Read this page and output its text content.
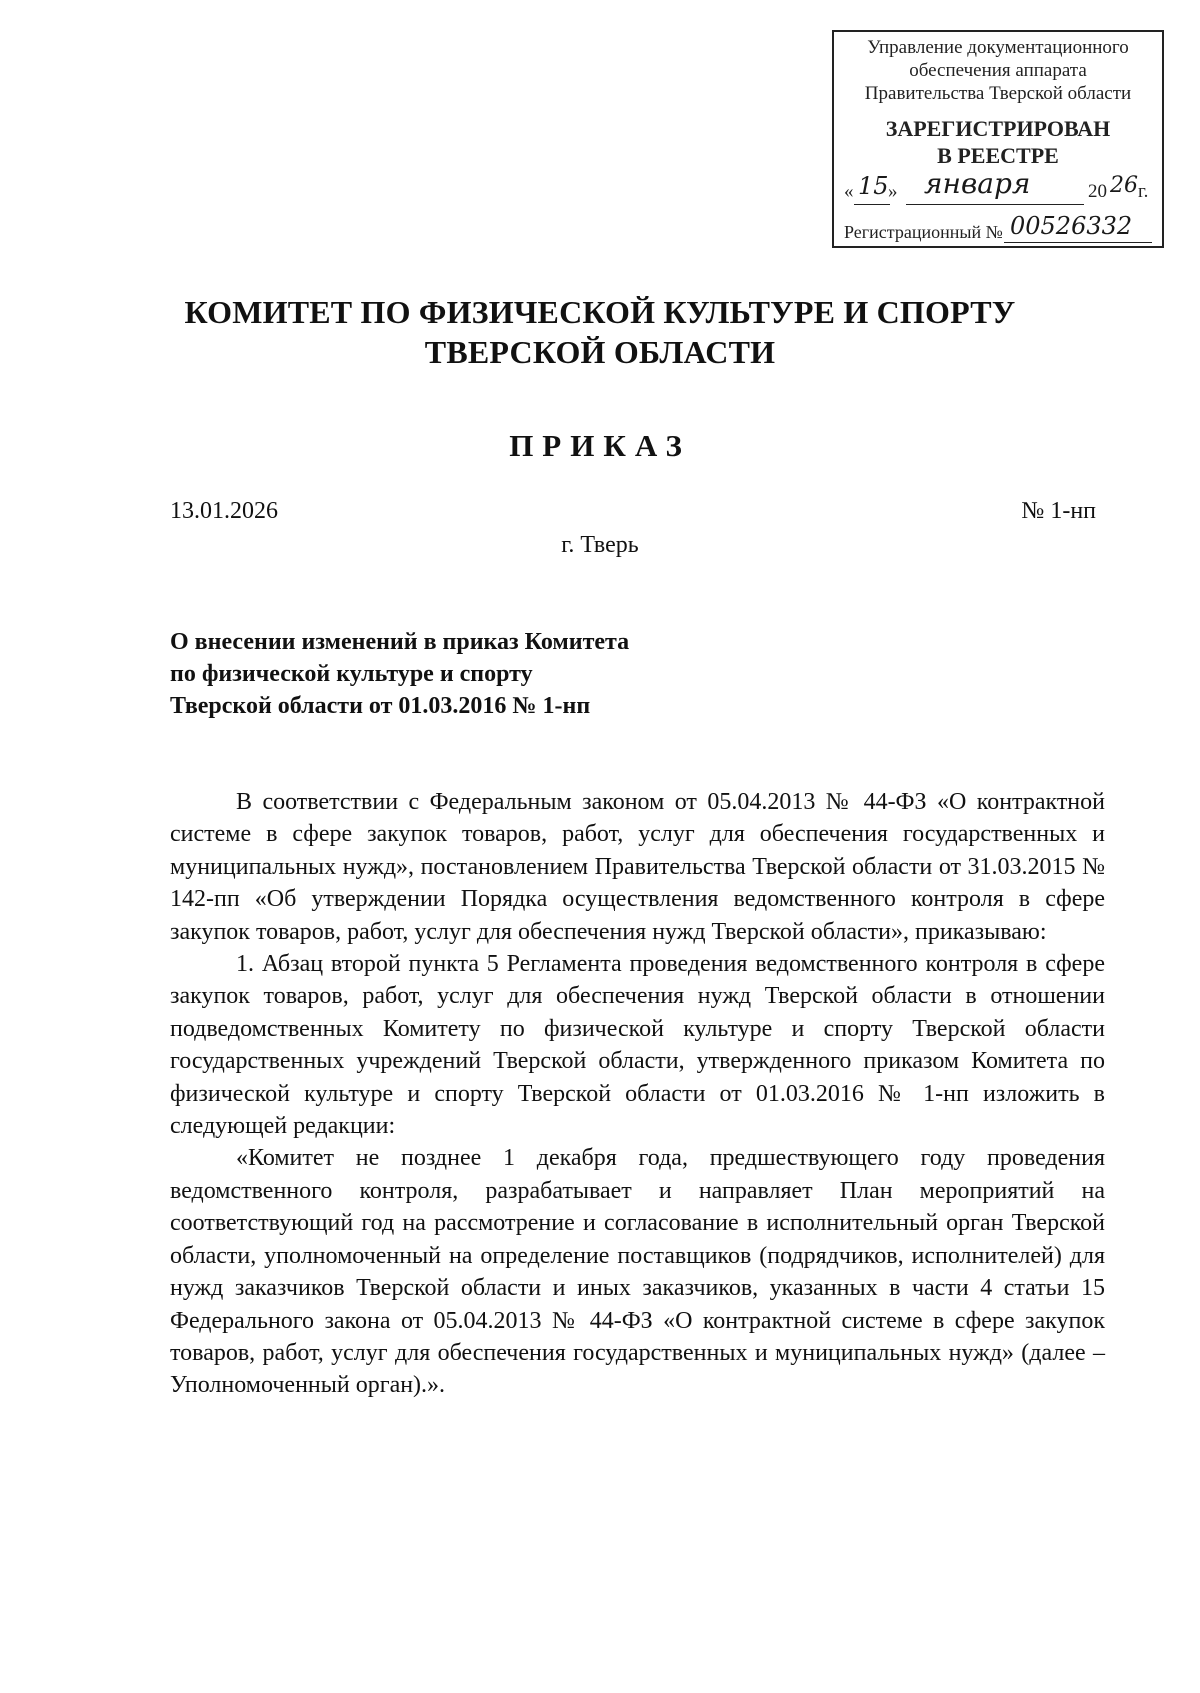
Управление документационного
обеспечения аппарата
Правительства Тверской области
ЗАРЕГИСТРИРОВАН
В РЕЕСТРЕ
« 15 » января	20 26 г.
Регистрационный № 00526332
КОМИТЕТ ПО ФИЗИЧЕСКОЙ КУЛЬТУРЕ И СПОРТУ
ТВЕРСКОЙ ОБЛАСТИ
ПРИКАЗ
13.01.2026	№ 1-нп
г. Тверь
О внесении изменений в приказ Комитета
по физической культуре и спорту
Тверской области от 01.03.2016 № 1-нп

В соответствии с Федеральным законом от 05.04.2013 № 44-ФЗ «О контрактной системе в сфере закупок товаров, работ, услуг для обеспечения государственных и муниципальных нужд», постановлением Правительства Тверской области от 31.03.2015 № 142-пп «Об утверждении Порядка осуществления ведомственного контроля в сфере закупок товаров, работ, услуг для обеспечения нужд Тверской области», приказываю:

1. Абзац второй пункта 5 Регламента проведения ведомственного контроля в сфере закупок товаров, работ, услуг для обеспечения нужд Тверской области в отношении подведомственных Комитету по физической культуре и спорту Тверской области государственных учреждений Тверской области, утвержденного приказом Комитета по физической культуре и спорту Тверской области от 01.03.2016 № 1-нп изложить в следующей редакции:

«Комитет не позднее 1 декабря года, предшествующего году проведения ведомственного контроля, разрабатывает и направляет План мероприятий на соответствующий год на рассмотрение и согласование в исполнительный орган Тверской области, уполномоченный на определение поставщиков (подрядчиков, исполнителей) для нужд заказчиков Тверской области и иных заказчиков, указанных в части 4 статьи 15 Федерального закона от 05.04.2013 № 44-ФЗ «О контрактной системе в сфере закупок товаров, работ, услуг для обеспечения государственных и муниципальных нужд» (далее – Уполномоченный орган).».
